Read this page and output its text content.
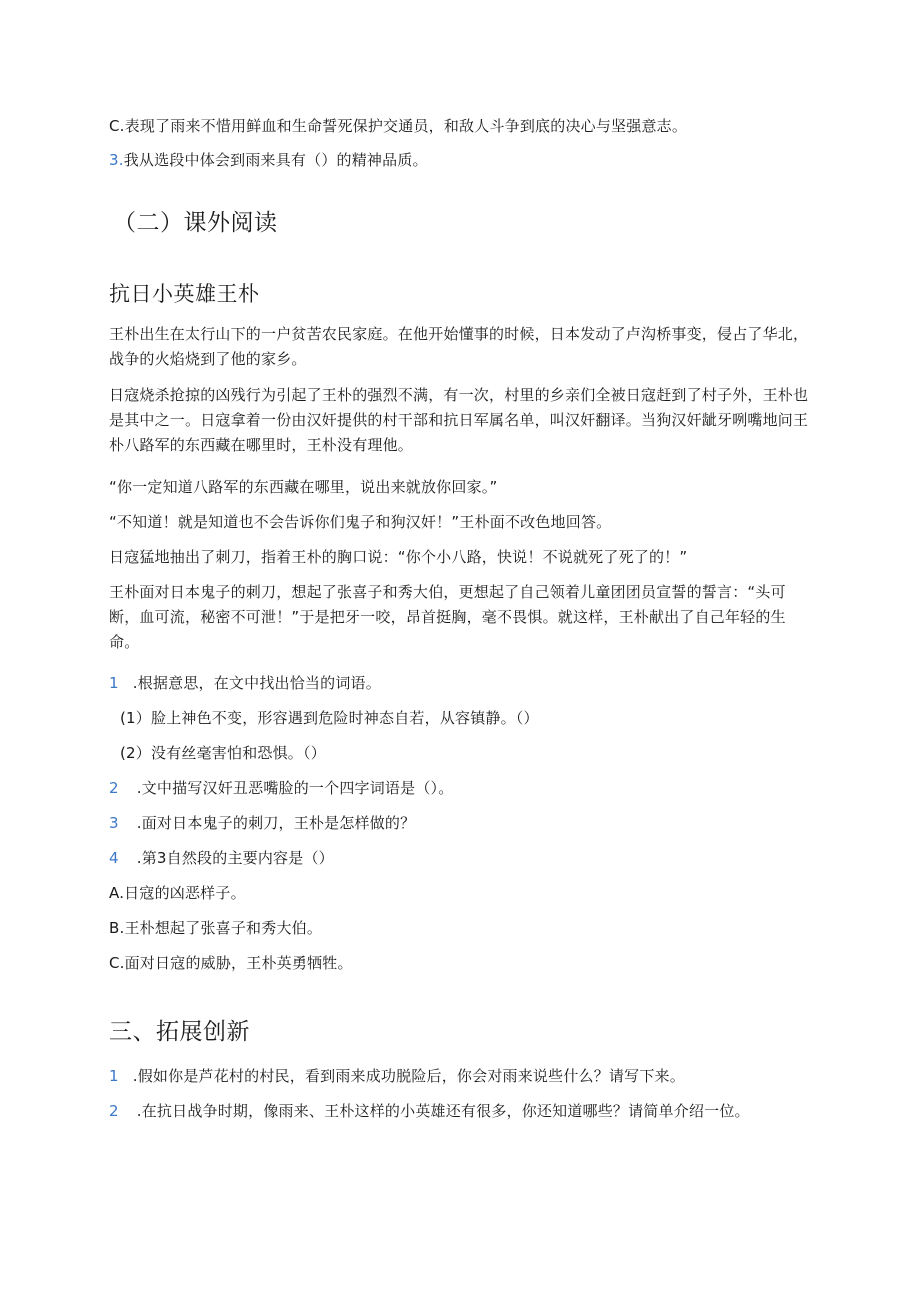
C.表现了雨来不惜用鲜血和生命誓死保护交通员，和敌人斗争到底的决心与坚强意志。
3.我从选段中体会到雨来具有（）的精神品质。
（二）课外阅读
抗日小英雄王朴
王朴出生在太行山下的一户贫苦农民家庭。在他开始懂事的时候，日本发动了卢沟桥事变，侵占了华北，战争的火焰烧到了他的家乡。
日寇烧杀抢掠的凶残行为引起了王朴的强烈不满，有一次，村里的乡亲们全被日寇赶到了村子外，王朴也是其中之一。日寇拿着一份由汉奸提供的村干部和抗日军属名单，叫汉奸翻译。当狗汉奸龇牙咧嘴地问王朴八路军的东西藏在哪里时，王朴没有理他。
“你一定知道八路军的东西藏在哪里，说出来就放你回家。”
“不知道！就是知道也不会告诉你们鬼子和狗汉奸！”王朴面不改色地回答。
日寇猛地抽出了刺刀，指着王朴的胸口说：“你个小八路，快说！不说就死了死了的！”
王朴面对日本鬼子的刺刀，想起了张喜子和秀大伯，更想起了自己领着儿童团团员宣誓的誓言：“头可断，血可流，秘密不可泄！”于是把牙一咬，昂首挺胸，毫不畏惧。就这样，王朴献出了自己年轻的生命。
1 .根据意思，在文中找出恰当的词语。
(1）脸上神色不变，形容遇到危险时神态自若，从容镇静。（）
(2）没有丝毫害怕和恐惧。（）
2 .文中描写汉奸丑恶嘴脸的一个四字词语是（）。
3 .面对日本鬼子的刺刀，王朴是怎样做的？
4 .第3自然段的主要内容是（）
A.日寇的凶恶样子。
B.王朴想起了张喜子和秀大伯。
C.面对日寇的威胁，王朴英勇牺牲。
三、拓展创新
1 .假如你是芦花村的村民，看到雨来成功脱险后，你会对雨来说些什么？请写下来。
2 .在抗日战争时期，像雨来、王朴这样的小英雄还有很多，你还知道哪些？请简单介绍一位。
